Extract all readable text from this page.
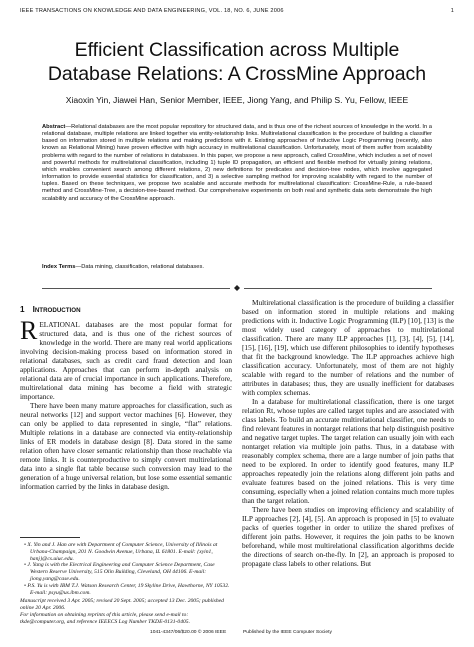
IEEE TRANSACTIONS ON KNOWLEDGE AND DATA ENGINEERING, VOL. 18, NO. 6, JUNE 2006	1
Efficient Classification across Multiple
Database Relations: A CrossMine Approach
Xiaoxin Yin, Jiawei Han, Senior Member, IEEE, Jiong Yang, and Philip S. Yu, Fellow, IEEE
Abstract—Relational databases are the most popular repository for structured data, and is thus one of the richest sources of knowledge in the world. In a relational database, multiple relations are linked together via entity-relationship links. Multirelational classification is the procedure of building a classifier based on information stored in multiple relations and making predictions with it. Existing approaches of Inductive Logic Programming (recently, also known as Relational Mining) have proven effective with high accuracy in multirelational classification. Unfortunately, most of them suffer from scalability problems with regard to the number of relations in databases. In this paper, we propose a new approach, called CrossMine, which includes a set of novel and powerful methods for multirelational classification, including 1) tuple ID propagation, an efficient and flexible method for virtually joining relations, which enables convenient search among different relations, 2) new definitions for predicates and decision-tree nodes, which involve aggregated information to provide essential statistics for classification, and 3) a selective sampling method for improving scalability with regard to the number of tuples. Based on these techniques, we propose two scalable and accurate methods for multirelational classification: CrossMine-Rule, a rule-based method and CrossMine-Tree, a decision-tree-based method. Our comprehensive experiments on both real and synthetic data sets demonstrate the high scalability and accuracy of the CrossMine approach.
Index Terms—Data mining, classification, relational databases.
1 INTRODUCTION

RELATIONAL databases are the most popular format for structured data, and is thus one of the richest sources of knowledge in the world. There are many real world applications involving decision-making process based on information stored in relational databases, such as credit card fraud detection and loan applications. Approaches that can perform in-depth analysis on relational data are of crucial importance in such applications. Therefore, multirelational data mining has become a field with strategic importance.

There have been many mature approaches for classification, such as neural networks [12] and support vector machines [6]. However, they can only be applied to data represented in single, “flat” relations. Multiple relations in a database are connected via entity-relationship links of ER models in database design [8]. Data stored in the same relation often have closer semantic relationship than those reachable via remote links. It is counterproductive to simply convert multirelational data into a single flat table because such conversion may lead to the generation of a huge universal relation, but lose some essential semantic information carried by the links in database design.

• X. Yin and J. Han are with Department of Computer Science, University of Illinois at Urbana-Champaign, 201 N. Goodwin Avenue, Urbana, IL 61801. E-mail: {xyin1, hanj}@cs.uiuc.edu.
• J. Yang is with the Electrical Engineering and Computer Science Department, Case Western Reserve University, 515 Olin Building, Cleveland, OH 44106. E-mail: jiong.yang@case.edu.
• P.S. Yu is with IBM T.J. Watson Research Center, 19 Skyline Drive, Hawthorne, NY 10532. E-mail: psyu@us.ibm.com.
Manuscript received 3 Apr. 2005; revised 20 Sept. 2005; accepted 13 Dec. 2005; published online 20 Apr. 2006.
For information on obtaining reprints of this article, please send e-mail to: tkde@computer.org, and reference IEEECS Log Number TKDE-0131-0405.

Multirelational classification is the procedure of building a classifier based on information stored in multiple relations and making predictions with it. Inductive Logic Programming (ILP) [10], [13] is the most widely used category of approaches to multirelational classification. There are many ILP approaches [1], [3], [4], [5], [14], [15], [16], [19], which use different philosophies to identify hypotheses that fit the background knowledge. The ILP approaches achieve high classification accuracy. Unfortunately, most of them are not highly scalable with regard to the number of relations and the number of attributes in databases; thus, they are usually inefficient for databases with complex schemas.

In a database for multirelational classification, there is one target relation Rt, whose tuples are called target tuples and are associated with class labels. To build an accurate multirelational classifier, one needs to find relevant features in nontarget relations that help distinguish positive and negative target tuples. The target relation can usually join with each nontarget relation via multiple join paths. Thus, in a database with reasonably complex schema, there are a large number of join paths that need to be explored. In order to identify good features, many ILP approaches repeatedly join the relations along different join paths and evaluate features based on the joined relations. This is very time consuming, especially when a joined relation contains much more tuples than the target relation.

There have been studies on improving efficiency and scalability of ILP approaches [2], [4], [5]. An approach is proposed in [5] to evaluate packs of queries together in order to utilize the shared prefixes of different join paths. However, it requires the join paths to be known beforehand, while most multirelational classification algorithms decide the directions of search on-the-fly. In [2], an approach is proposed to propagate class labels to other relations. But

1041-4347/06/$20.00 © 2006 IEEE	Published by the IEEE Computer Society
